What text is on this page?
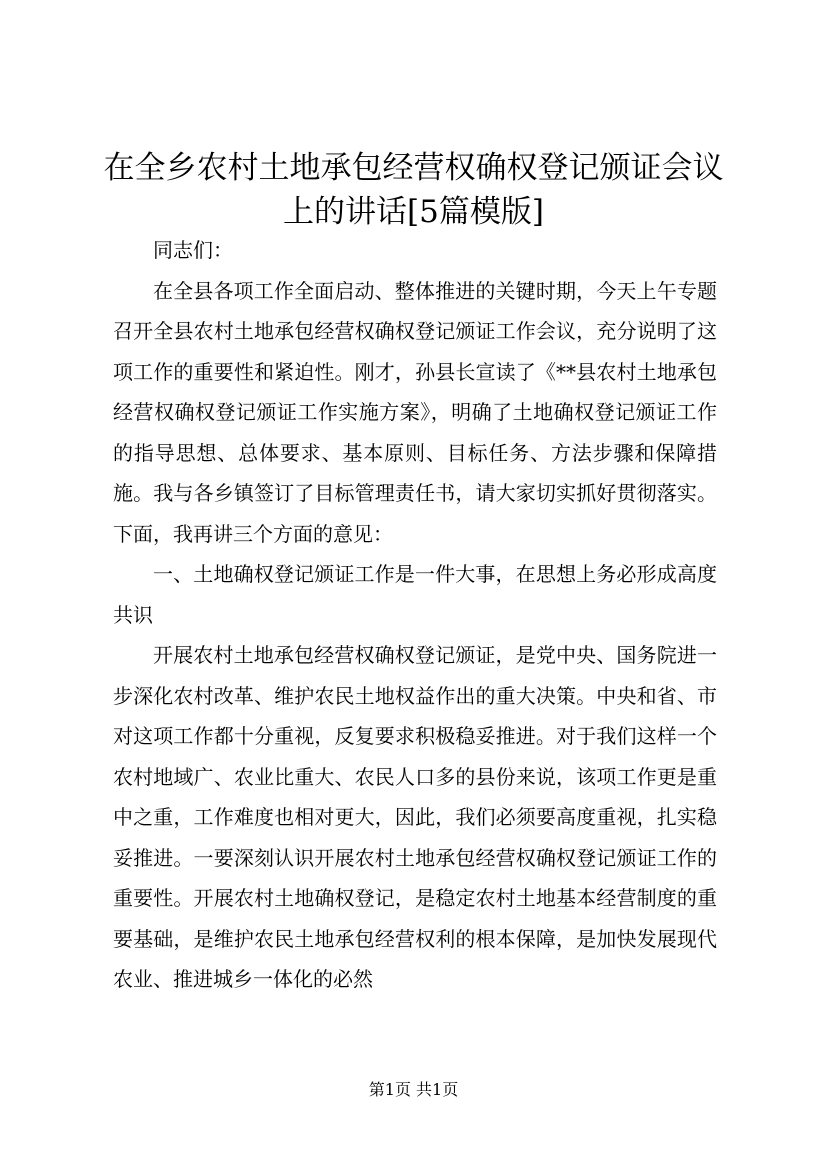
在全乡农村土地承包经营权确权登记颁证会议
上的讲话[5篇模版]

同志们：

在全县各项工作全面启动、整体推进的关键时期，今天上午专题召开全县农村土地承包经营权确权登记颁证工作会议，充分说明了这项工作的重要性和紧迫性。刚才，孙县长宣读了《**县农村土地承包经营权确权登记颁证工作实施方案》，明确了土地确权登记颁证工作的指导思想、总体要求、基本原则、目标任务、方法步骤和保障措施。我与各乡镇签订了目标管理责任书，请大家切实抓好贯彻落实。下面，我再讲三个方面的意见：

一、土地确权登记颁证工作是一件大事，在思想上务必形成高度共识

开展农村土地承包经营权确权登记颁证，是党中央、国务院进一步深化农村改革、维护农民土地权益作出的重大决策。中央和省、市对这项工作都十分重视，反复要求积极稳妥推进。对于我们这样一个农村地域广、农业比重大、农民人口多的县份来说，该项工作更是重中之重，工作难度也相对更大，因此，我们必须要高度重视，扎实稳妥推进。一要深刻认识开展农村土地承包经营权确权登记颁证工作的重要性。开展农村土地确权登记，是稳定农村土地基本经营制度的重要基础，是维护农民土地承包经营权利的根本保障，是加快发展现代农业、推进城乡一体化的必然

第1页 共1页
